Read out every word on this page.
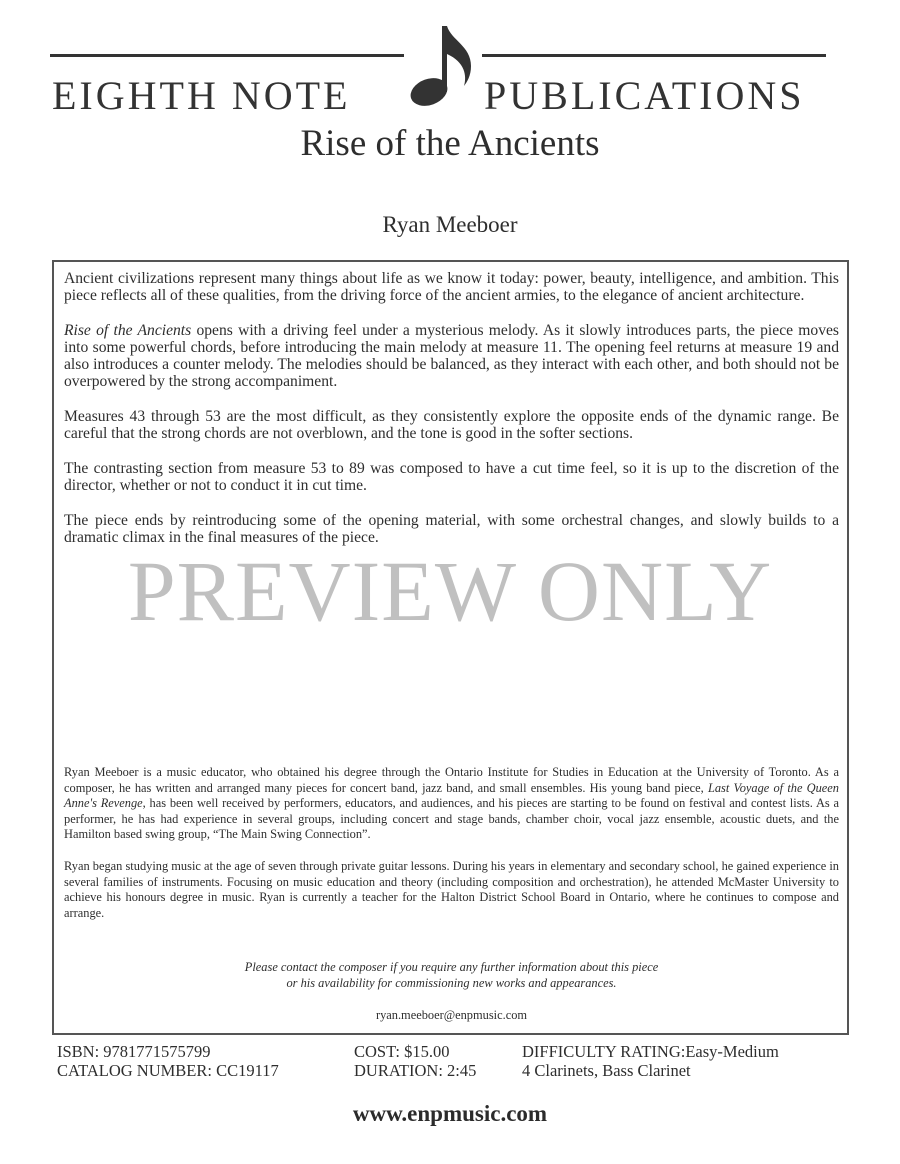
EIGHTH NOTE	PUBLICATIONS
Rise of the Ancients
Ryan Meeboer

Ancient civilizations represent many things about life as we know it today: power, beauty, intelligence, and ambition. This piece reflects all of these qualities, from the driving force of the ancient armies, to the elegance of ancient architecture.

Rise of the Ancients opens with a driving feel under a mysterious melody. As it slowly introduces parts, the piece moves into some powerful chords, before introducing the main melody at measure 11. The opening feel returns at measure 19 and also introduces a counter melody. The melodies should be balanced, as they interact with each other, and both should not be overpowered by the strong accompaniment.

Measures 43 through 53 are the most difficult, as they consistently explore the opposite ends of the dynamic range. Be careful that the strong chords are not overblown, and the tone is good in the softer sections.

The contrasting section from measure 53 to 89 was composed to have a cut time feel, so it is up to the discretion of the director, whether or not to conduct it in cut time.

The piece ends by reintroducing some of the opening material, with some orchestral changes, and slowly builds to a dramatic climax in the final measures of the piece.

Ryan Meeboer is a music educator, who obtained his degree through the Ontario Institute for Studies in Education at the University of Toronto. As a composer, he has written and arranged many pieces for concert band, jazz band, and small ensembles. His young band piece, Last Voyage of the Queen Anne's Revenge, has been well received by performers, educators, and audiences, and his pieces are starting to be found on festival and contest lists. As a performer, he has had experience in several groups, including concert and stage bands, chamber choir, vocal jazz ensemble, acoustic duets, and the Hamilton based swing group, “The Main Swing Connection”.

Ryan began studying music at the age of seven through private guitar lessons. During his years in elementary and secondary school, he gained experience in several families of instruments. Focusing on music education and theory (including composition and orchestration), he attended McMaster University to achieve his honours degree in music. Ryan is currently a teacher for the Halton District School Board in Ontario, where he continues to compose and arrange.

Please contact the composer if you require any further information about this piece
or his availability for commissioning new works and appearances.
ryan.meeboer@enpmusic.com
PREVIEW ONLY
ISBN: 9781771575799
CATALOG NUMBER: CC19117
COST: $15.00
DURATION: 2:45
DIFFICULTY RATING:Easy-Medium
4 Clarinets, Bass Clarinet
www.enpmusic.com
